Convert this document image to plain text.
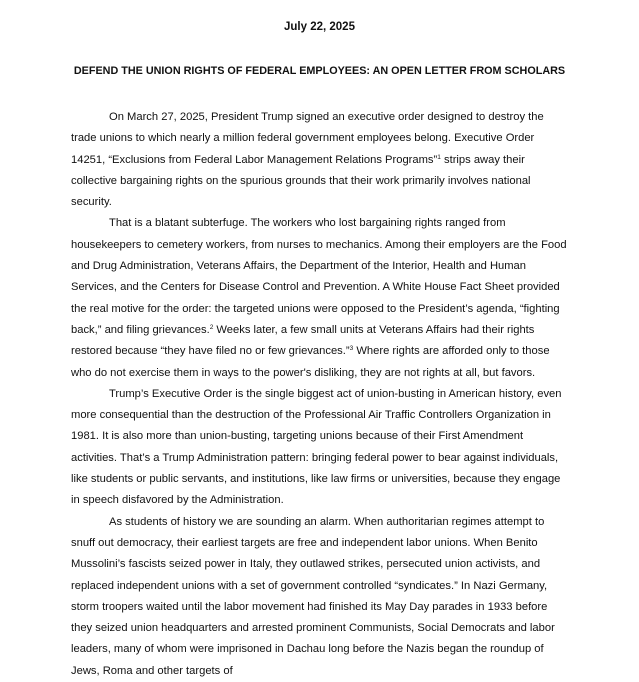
July 22, 2025
DEFEND THE UNION RIGHTS OF FEDERAL EMPLOYEES: AN OPEN LETTER FROM SCHOLARS

On March 27, 2025, President Trump signed an executive order designed to destroy the trade unions to which nearly a million federal government employees belong. Executive Order 14251, “Exclusions from Federal Labor Management Relations Programs”$^1$ strips away their collective bargaining rights on the spurious grounds that their work primarily involves national security.

That is a blatant subterfuge. The workers who lost bargaining rights ranged from housekeepers to cemetery workers, from nurses to mechanics. Among their employers are the Food and Drug Administration, Veterans Affairs, the Department of the Interior, Health and Human Services, and the Centers for Disease Control and Prevention. A White House Fact Sheet provided the real motive for the order: the targeted unions were opposed to the President’s agenda, “fighting back,” and filing grievances.$^2$ Weeks later, a few small units at Veterans Affairs had their rights restored because “they have filed no or few grievances.”$^3$ Where rights are afforded only to those who do not exercise them in ways to the power's disliking, they are not rights at all, but favors.

Trump’s Executive Order is the single biggest act of union-busting in American history, even more consequential than the destruction of the Professional Air Traffic Controllers Organization in 1981. It is also more than union-busting, targeting unions because of their First Amendment activities. That’s a Trump Administration pattern: bringing federal power to bear against individuals, like students or public servants, and institutions, like law firms or universities, because they engage in speech disfavored by the Administration.

As students of history we are sounding an alarm. When authoritarian regimes attempt to snuff out democracy, their earliest targets are free and independent labor unions. When Benito Mussolini’s fascists seized power in Italy, they outlawed strikes, persecuted union activists, and replaced independent unions with a set of government controlled “syndicates.” In Nazi Germany, storm troopers waited until the labor movement had finished its May Day parades in 1933 before they seized union headquarters and arrested prominent Communists, Social Democrats and labor leaders, many of whom were imprisoned in Dachau long before the Nazis began the roundup of Jews, Roma and other targets of
